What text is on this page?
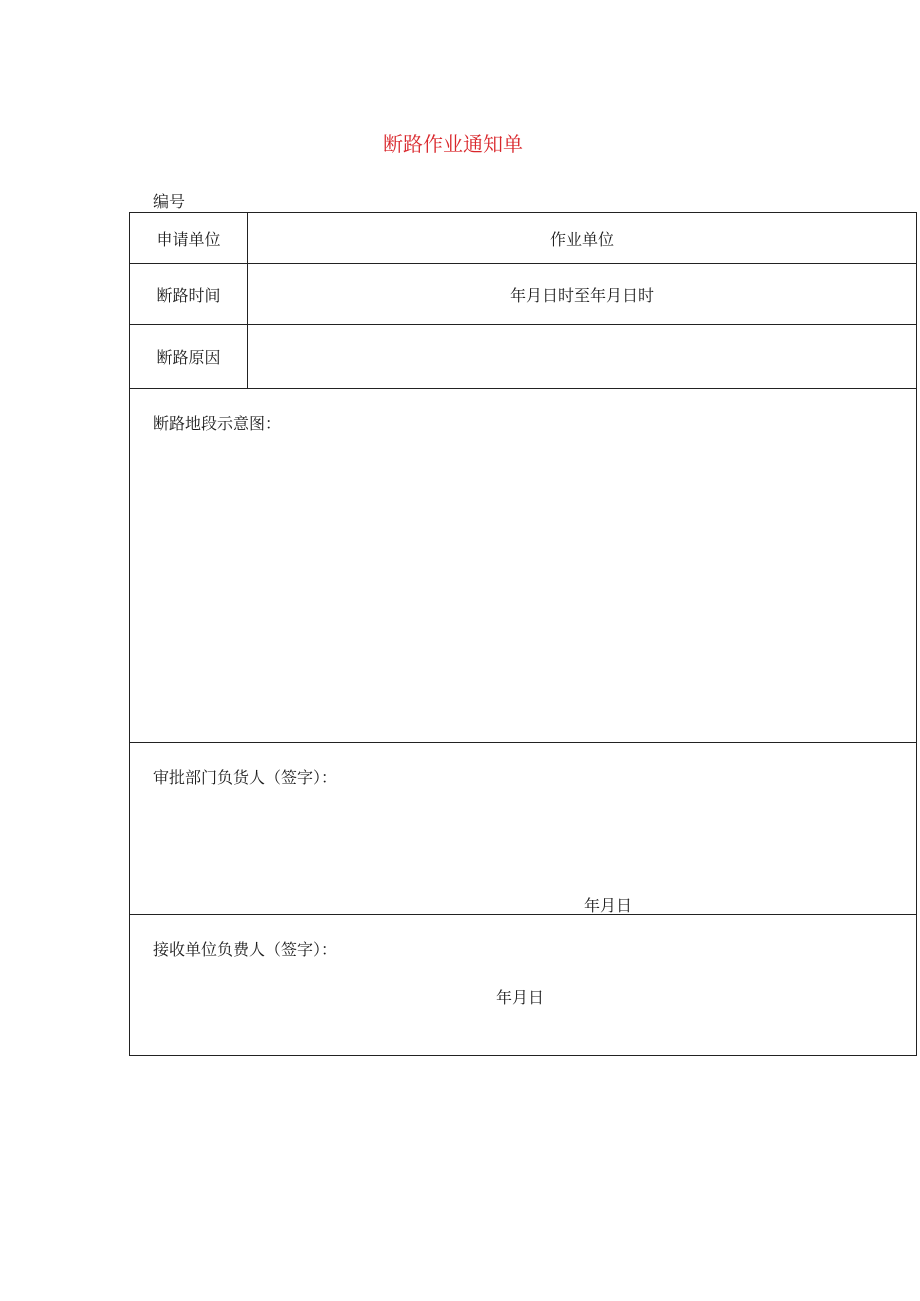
断路作业通知单
编号
申请单位	作业单位
断路时间	年月日时至年月日时
断路原因
断路地段示意图：
审批部门负货人（签字）：
年月日
接收单位负费人（签字）：
年月日
